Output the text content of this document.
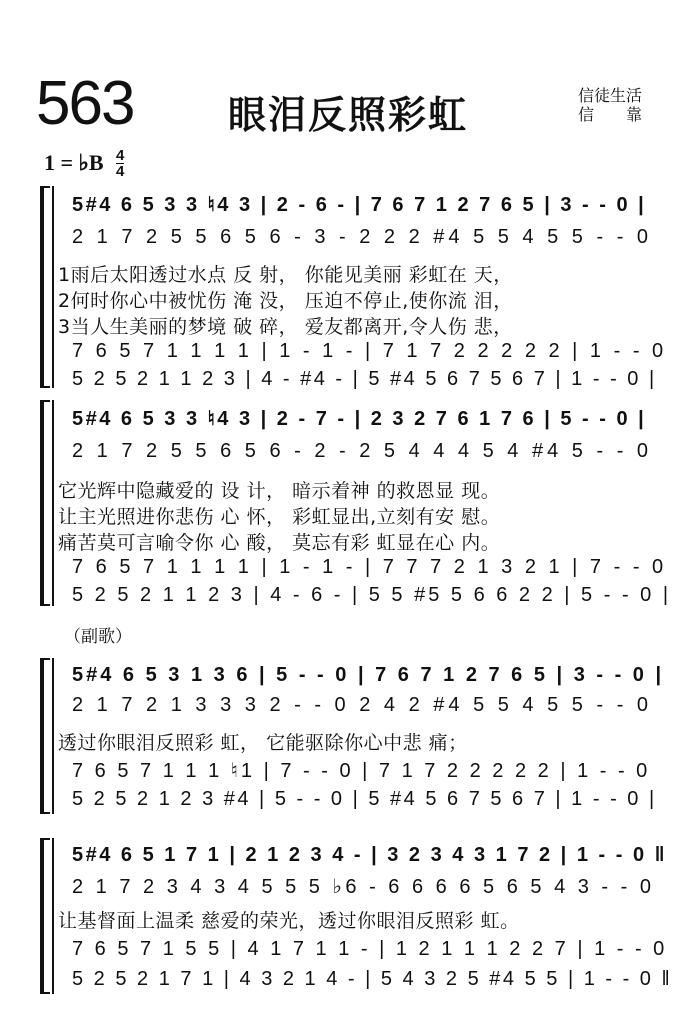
563 眼泪反照彩虹	信徒生活
信　　靠
1 = ♭B 4
4
5#4 6 5 3 3 ♮4 3 | 2 - 6 - | 7 6 7 1 2 7 6 5 | 3 - - 0 |
2 1 7 2 5 5 6 5 6 - 3 - 2 2 2 #4 5 5 4 5 5 - - 0
1雨后太阳透过水点 反 射， 你能见美丽 彩虹在 天，
2何时你心中被忧伤 淹 没， 压迫不停止,使你流 泪，
3当人生美丽的梦境 破 碎， 爱友都离开,令人伤 悲，
7 6 5 7 1 1 1 1 | 1 - 1 - | 7 1 7 2 2 2 2 2 | 1 - - 0
5 2 5 2 1 1 2 3 | 4 - #4 - | 5 #4 5 6 7 5 6 7 | 1 - - 0 |
5#4 6 5 3 3 ♮4 3 | 2 - 7 - | 2 3 2 7 6 1 7 6 | 5 - - 0 |
2 1 7 2 5 5 6 5 6 - 2 - 2 5 4 4 4 5 4 #4 5 - - 0
它光辉中隐藏爱的 设 计， 暗示着神 的救恩显 现。
让主光照进你悲伤 心 怀， 彩虹显出,立刻有安 慰。
痛苦莫可言喻令你 心 酸， 莫忘有彩 虹显在心 内。
7 6 5 7 1 1 1 1 | 1 - 1 - | 7 7 7 2 1 3 2 1 | 7 - - 0
5 2 5 2 1 1 2 3 | 4 - 6 - | 5 5 #5 5 6 6 2 2 | 5 - - 0 |
（副歌）
5#4 6 5 3 1 3 6 | 5 - - 0 | 7 6 7 1 2 7 6 5 | 3 - - 0 |
2 1 7 2 1 3 3 3 2 - - 0 2 4 2 #4 5 5 4 5 5 - - 0
透过你眼泪反照彩 虹， 它能驱除你心中悲 痛；
7 6 5 7 1 1 1 ♮1 | 7 - - 0 | 7 1 7 2 2 2 2 2 | 1 - - 0
5 2 5 2 1 2 3 #4 | 5 - - 0 | 5 #4 5 6 7 5 6 7 | 1 - - 0 |
5#4 6 5 1 7 1 | 2 1 2 3 4 - | 3 2 3 4 3 1 7 2 | 1 - - 0 ‖
2 1 7 2 3 4 3 4 5 5 5 ♭6 - 6 6 6 6 5 6 5 4 3 - - 0
让基督面上温柔 慈爱的荣光，透过你眼泪反照彩 虹。
7 6 5 7 1 5 5 | 4 1 7 1 1 - | 1 2 1 1 1 2 2 7 | 1 - - 0
5 2 5 2 1 7 1 | 4 3 2 1 4 - | 5 4 3 2 5 #4 5 5 | 1 - - 0 ‖
